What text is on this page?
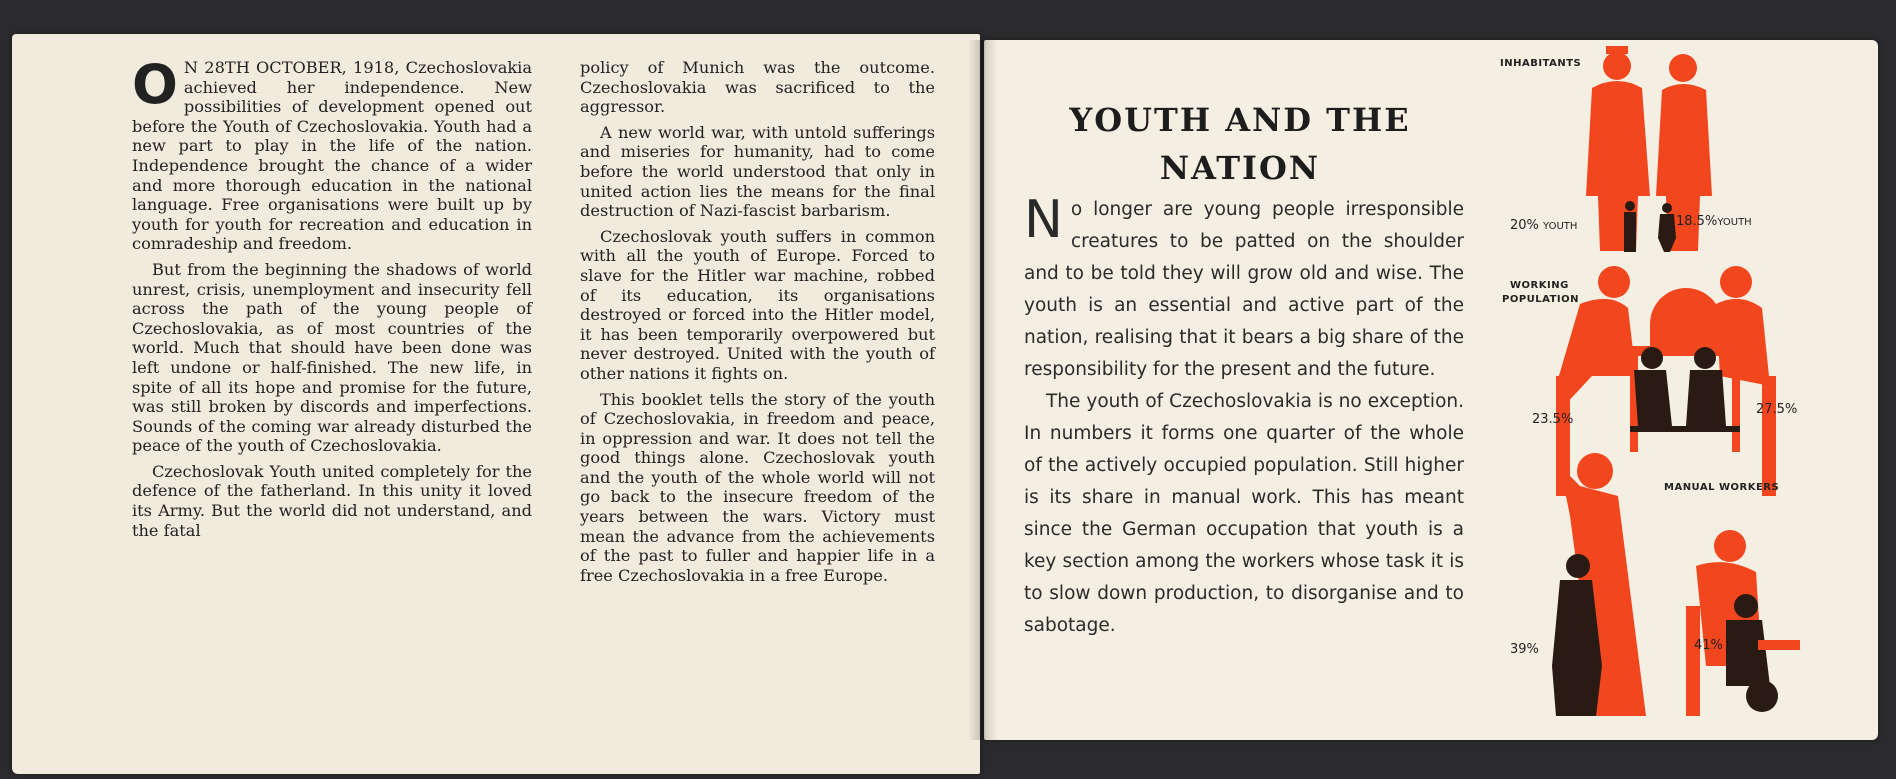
O N 28TH OCTOBER, 1918, Czechoslovakia achieved her independence. New possibilities of development opened out before the Youth of Czechoslovakia. Youth had a new part to play in the life of the nation. Independence brought the chance of a wider and more thorough education in the national language. Free organisations were built up by youth for youth for recreation and education in comradeship and freedom.

But from the beginning the shadows of world unrest, crisis, unemployment and insecurity fell across the path of the young people of Czechoslovakia, as of most countries of the world. Much that should have been done was left undone or half-finished. The new life, in spite of all its hope and promise for the future, was still broken by discords and imperfections. Sounds of the coming war already disturbed the peace of the youth of Czechoslovakia.

Czechoslovak Youth united completely for the defence of the fatherland. In this unity it loved its Army. But the world did not understand, and the fatal

policy of Munich was the outcome. Czechoslovakia was sacrificed to the aggressor.

A new world war, with untold sufferings and miseries for humanity, had to come before the world understood that only in united action lies the means for the final destruction of Nazi-fascist barbarism.

Czechoslovak youth suffers in common with all the youth of Europe. Forced to slave for the Hitler war machine, robbed of its education, its organisations destroyed or forced into the Hitler model, it has been temporarily overpowered but never destroyed. United with the youth of other nations it fights on.

This booklet tells the story of the youth of Czechoslovakia, in freedom and peace, in oppression and war. It does not tell the good things alone. Czechoslovak youth and the youth of the whole world will not go back to the insecure freedom of the years between the wars. Victory must mean the advance from the achievements of the past to fuller and happier life in a free Czechoslovakia in a free Europe.

YOUTH AND THE
NATION

No longer are young people irresponsible creatures to be patted on the shoulder and to be told they will grow old and wise. The youth is an essential and active part of the nation, realising that it bears a big share of the responsibility for the present and the future.

The youth of Czechoslovakia is no exception. In numbers it forms one quarter of the whole of the actively occupied population. Still higher is its share in manual work. This has meant since the German occupation that youth is a key section among the workers whose task it is to slow down production, to disorganise and to sabotage.

INHABITANTS
20% YOUTH	18.5%YOUTH
WORKING
POPULATION
23.5%
27.5%
MANUAL WORKERS
39%	41%
